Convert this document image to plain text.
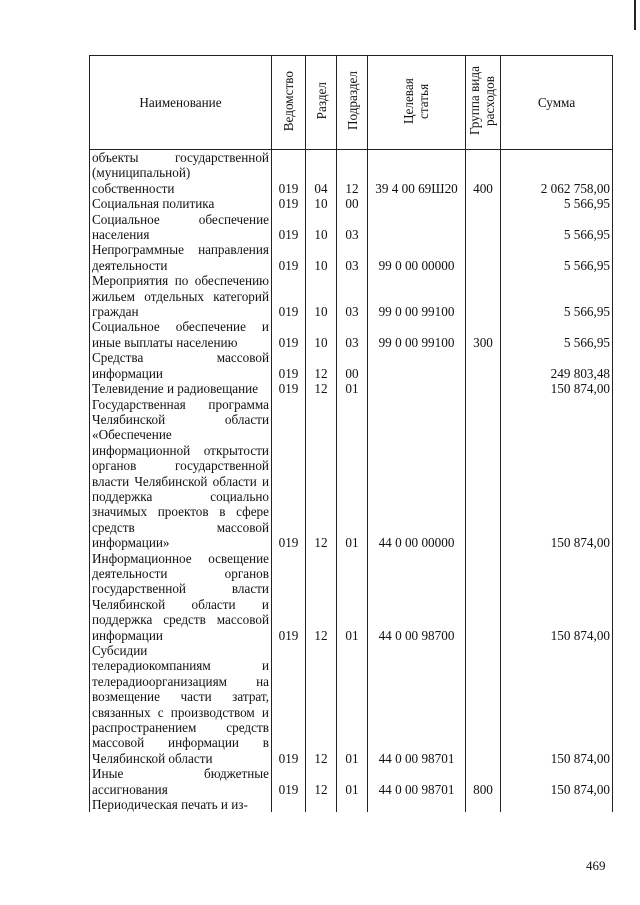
Наименование	Ведомство	Раздел	Подраздел	Целевая статья	Группа вида расходов	Сумма
объекты государственной (муниципальной) собственности	019	04	12	39 4 00 69Ш20	400	2 062 758,00
Социальная политика	019	10	00			5 566,95
Социальное обеспечение населения	019	10	03			5 566,95
Непрограммные направления деятельности	019	10	03	99 0 00 00000		5 566,95
Мероприятия по обеспечению жильем отдельных категорий граждан	019	10	03	99 0 00 99100		5 566,95
Социальное обеспечение и иные выплаты населению	019	10	03	99 0 00 99100	300	5 566,95
Средства массовой информации	019	12	00			249 803,48
Телевидение и радиовещание	019	12	01			150 874,00
Государственная программа Челябинской области «Обеспечение информационной открытости органов государственной власти Челябинской области и поддержка социально значимых проектов в сфере средств массовой информации»	019	12	01	44 0 00 00000		150 874,00
Информационное освещение деятельности органов государственной власти Челябинской области и поддержка средств массовой информации	019	12	01	44 0 00 98700		150 874,00
Субсидии телерадиокомпаниям и телерадиоорганизациям на возмещение части затрат, связанных с производством и распространением средств массовой информации в Челябинской области	019	12	01	44 0 00 98701		150 874,00
Иные бюджетные ассигнования	019	12	01	44 0 00 98701	800	150 874,00
Периодическая печать и из-						
469
